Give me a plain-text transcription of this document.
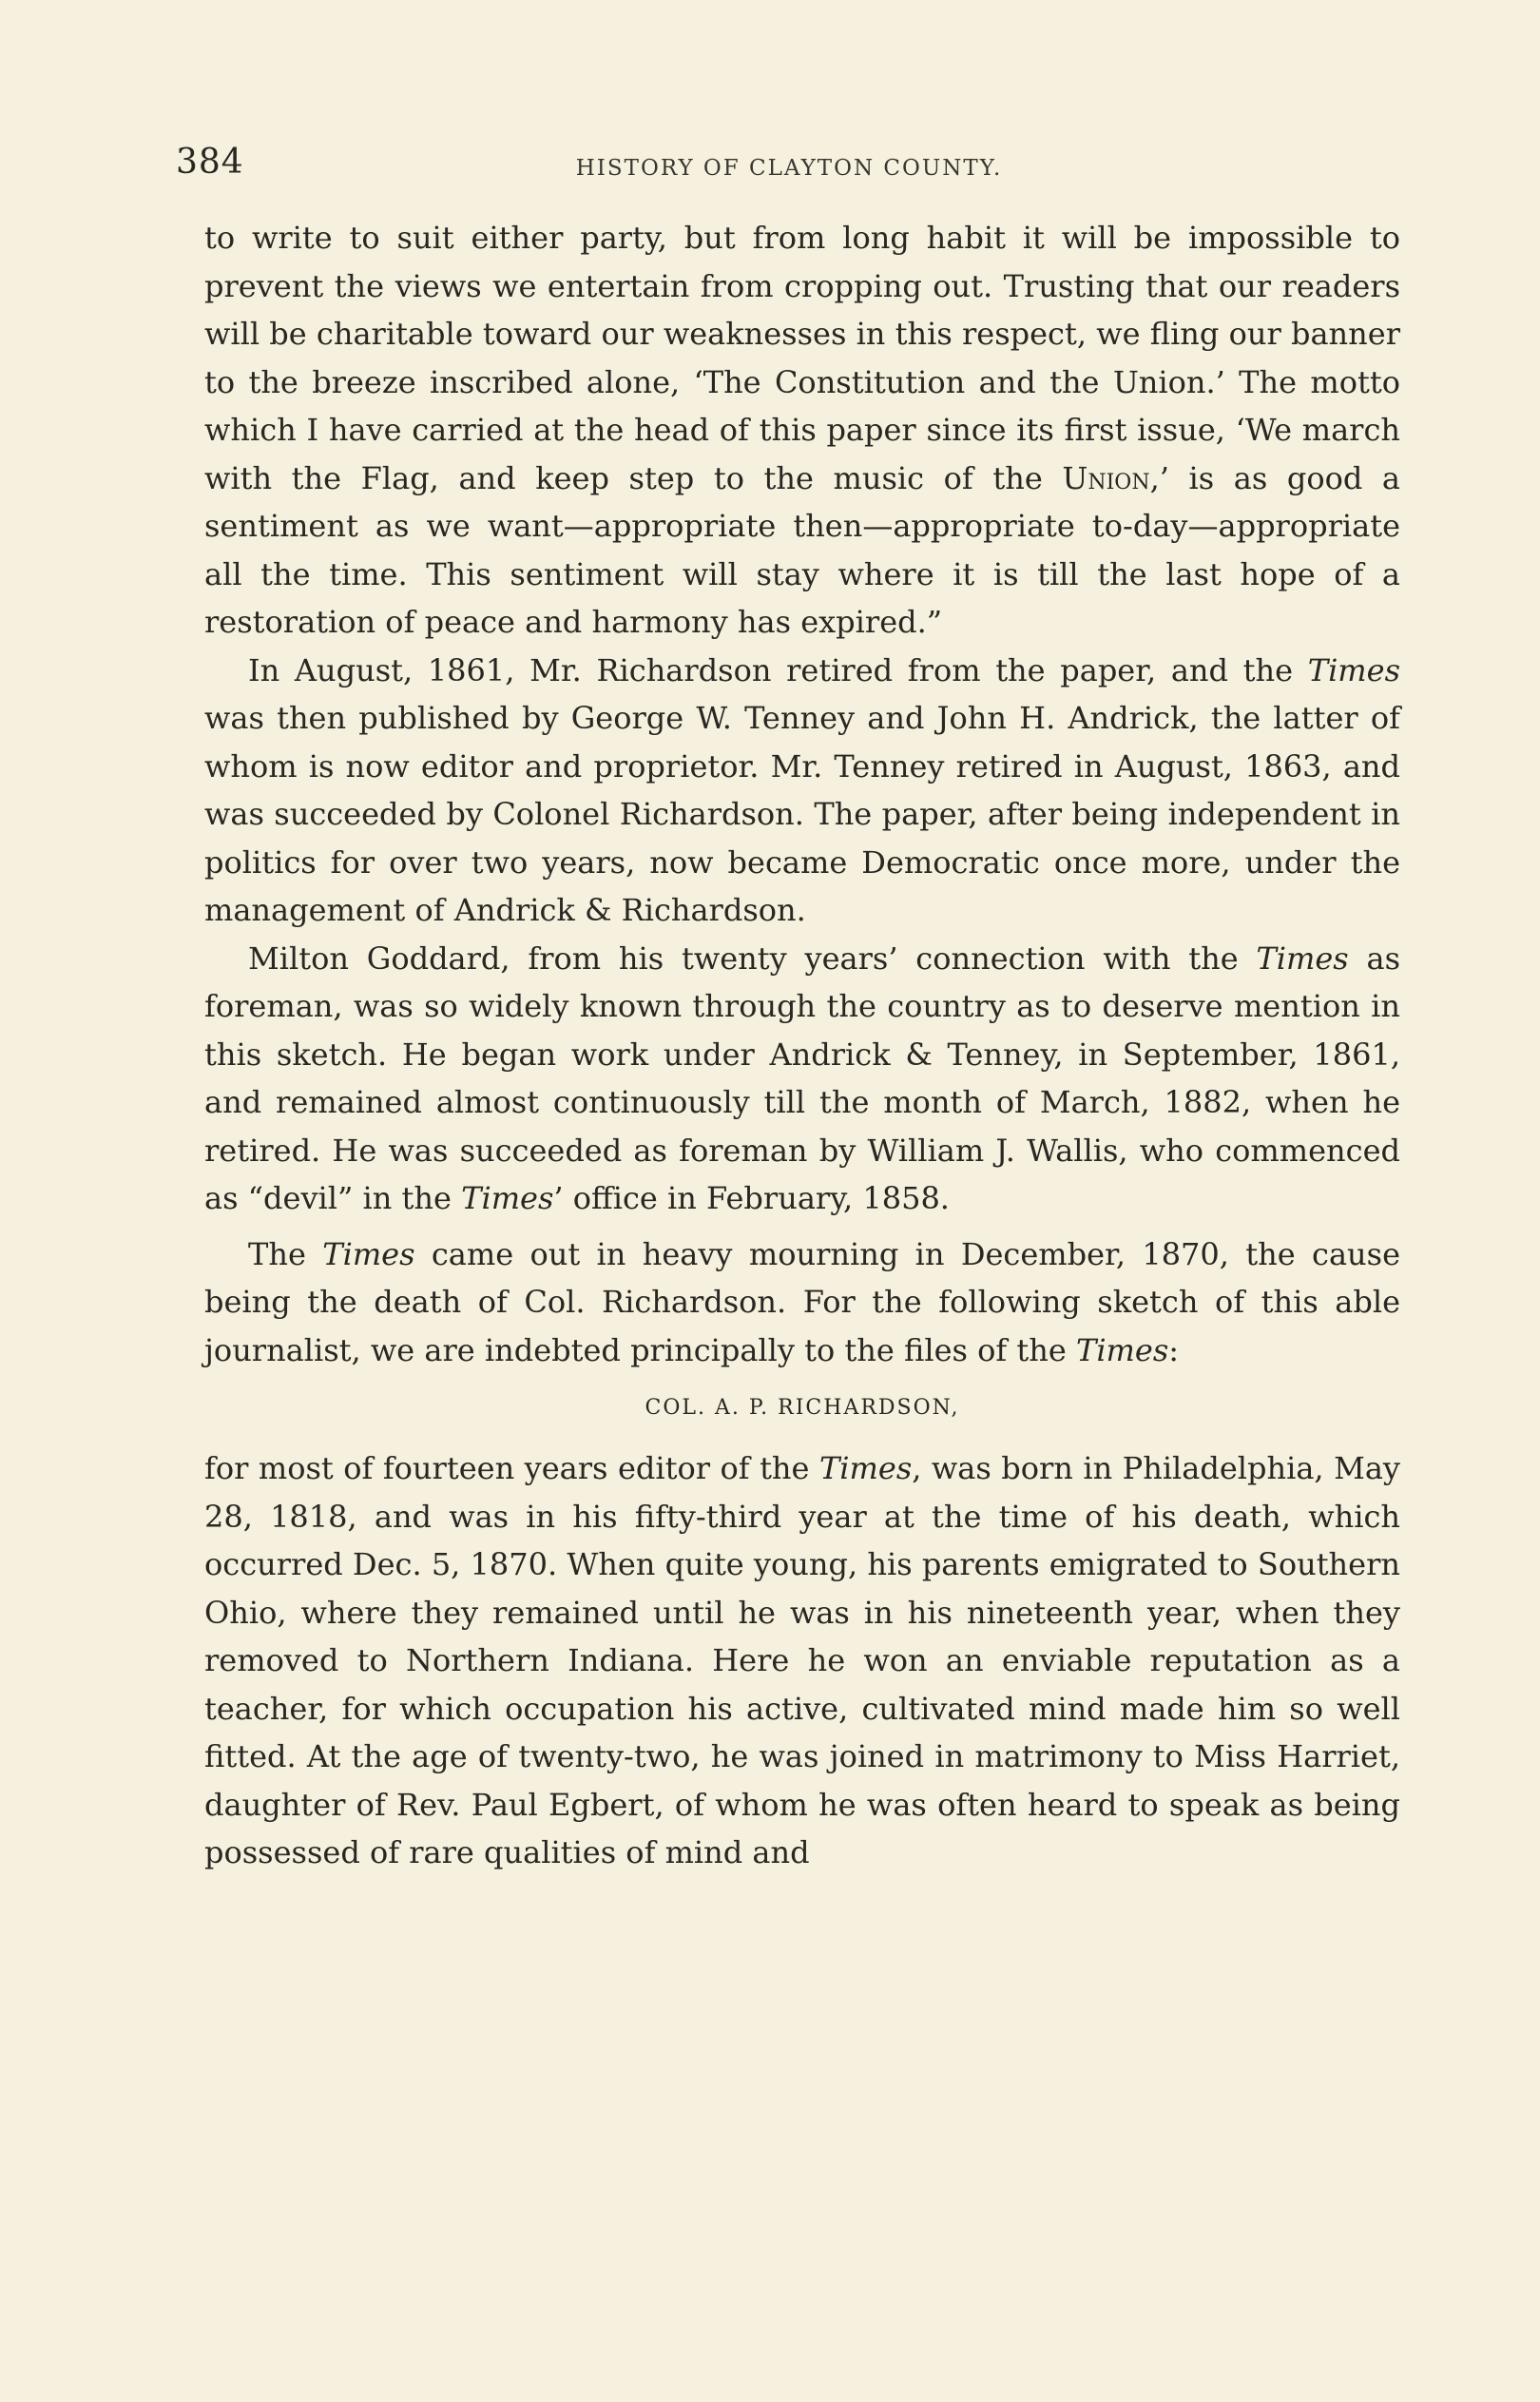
384	HISTORY OF CLAYTON COUNTY.

to write to suit either party, but from long habit it will be impossible to prevent the views we entertain from cropping out. Trusting that our readers will be charitable toward our weaknesses in this respect, we fling our banner to the breeze inscribed alone, ‘The Constitution and the Union.’ The motto which I have carried at the head of this paper since its first issue, ‘We march with the Flag, and keep step to the music of the Union,’ is as good a sentiment as we want—appropriate then—appropriate to-day—appropriate all the time. This sentiment will stay where it is till the last hope of a restoration of peace and harmony has expired.”

In August, 1861, Mr. Richardson retired from the paper, and the Times was then published by George W. Tenney and John H. Andrick, the latter of whom is now editor and proprietor. Mr. Tenney retired in August, 1863, and was succeeded by Colonel Richardson. The paper, after being independent in politics for over two years, now became Democratic once more, under the management of Andrick & Richardson.

Milton Goddard, from his twenty years’ connection with the Times as foreman, was so widely known through the country as to deserve mention in this sketch. He began work under Andrick & Tenney, in September, 1861, and remained almost continuously till the month of March, 1882, when he retired. He was succeeded as foreman by William J. Wallis, who commenced as “devil” in the Times’ office in February, 1858.

The Times came out in heavy mourning in December, 1870, the cause being the death of Col. Richardson. For the following sketch of this able journalist, we are indebted principally to the files of the Times:

COL. A. P. RICHARDSON,

for most of fourteen years editor of the Times, was born in Philadelphia, May 28, 1818, and was in his fifty-third year at the time of his death, which occurred Dec. 5, 1870. When quite young, his parents emigrated to Southern Ohio, where they remained until he was in his nineteenth year, when they removed to Northern Indiana. Here he won an enviable reputation as a teacher, for which occupation his active, cultivated mind made him so well fitted. At the age of twenty-two, he was joined in matrimony to Miss Harriet, daughter of Rev. Paul Egbert, of whom he was often heard to speak as being possessed of rare qualities of mind and
